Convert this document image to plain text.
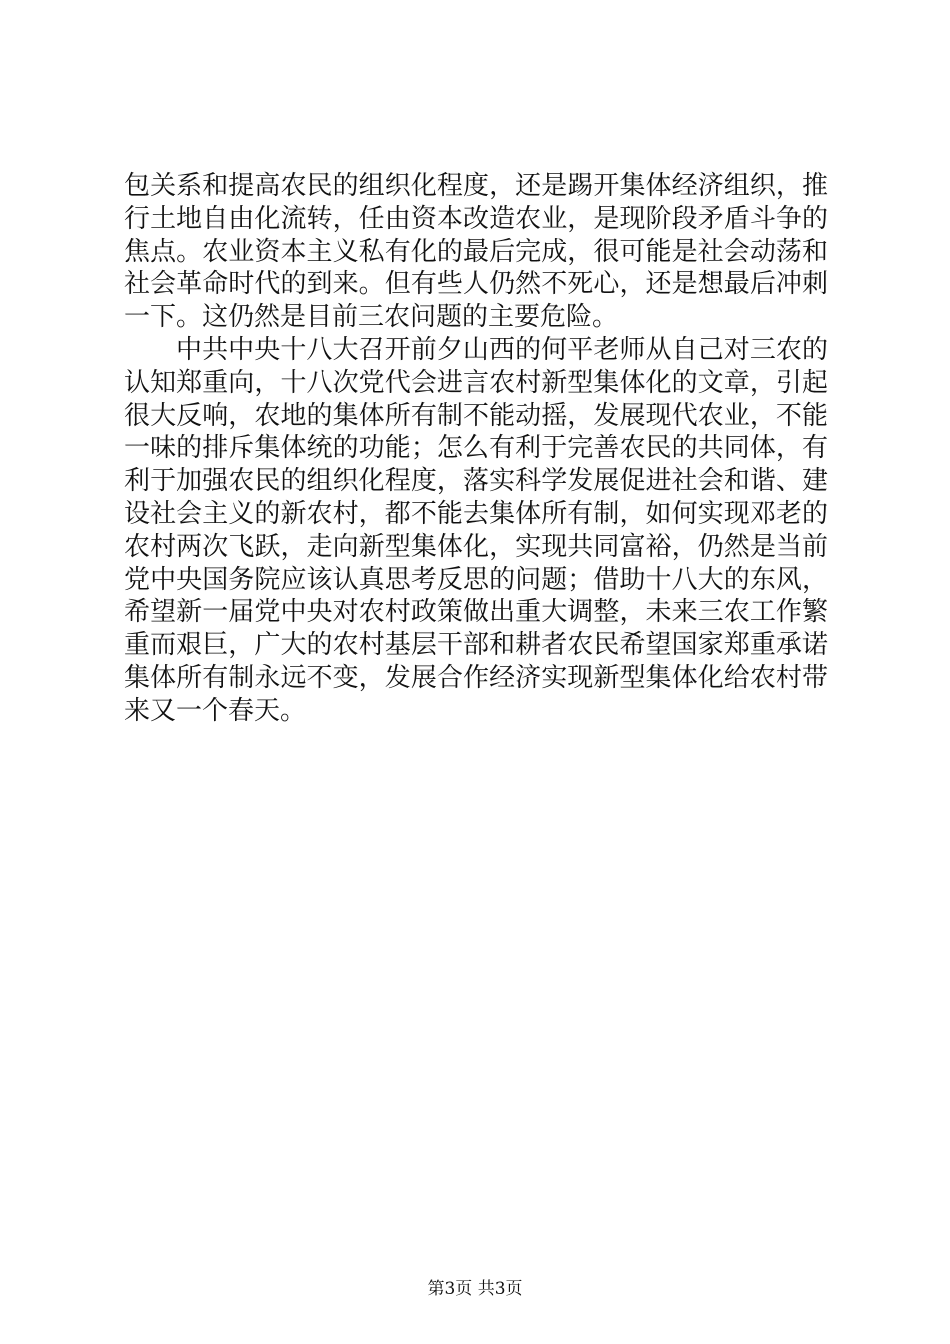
包关系和提高农民的组织化程度，还是踢开集体经济组织，推行土地自由化流转，任由资本改造农业，是现阶段矛盾斗争的焦点。农业资本主义私有化的最后完成，很可能是社会动荡和社会革命时代的到来。但有些人仍然不死心，还是想最后冲刺一下。这仍然是目前三农问题的主要危险。

中共中央十八大召开前夕山西的何平老师从自己对三农的认知郑重向，十八次党代会进言农村新型集体化的文章，引起很大反响，农地的集体所有制不能动摇，发展现代农业，不能一味的排斥集体统的功能；怎么有利于完善农民的共同体，有利于加强农民的组织化程度，落实科学发展促进社会和谐、建设社会主义的新农村，都不能去集体所有制，如何实现邓老的农村两次飞跃，走向新型集体化，实现共同富裕，仍然是当前党中央国务院应该认真思考反思的问题；借助十八大的东风，希望新一届党中央对农村政策做出重大调整，未来三农工作繁重而艰巨，广大的农村基层干部和耕者农民希望国家郑重承诺集体所有制永远不变，发展合作经济实现新型集体化给农村带来又一个春天。

第3页 共3页
